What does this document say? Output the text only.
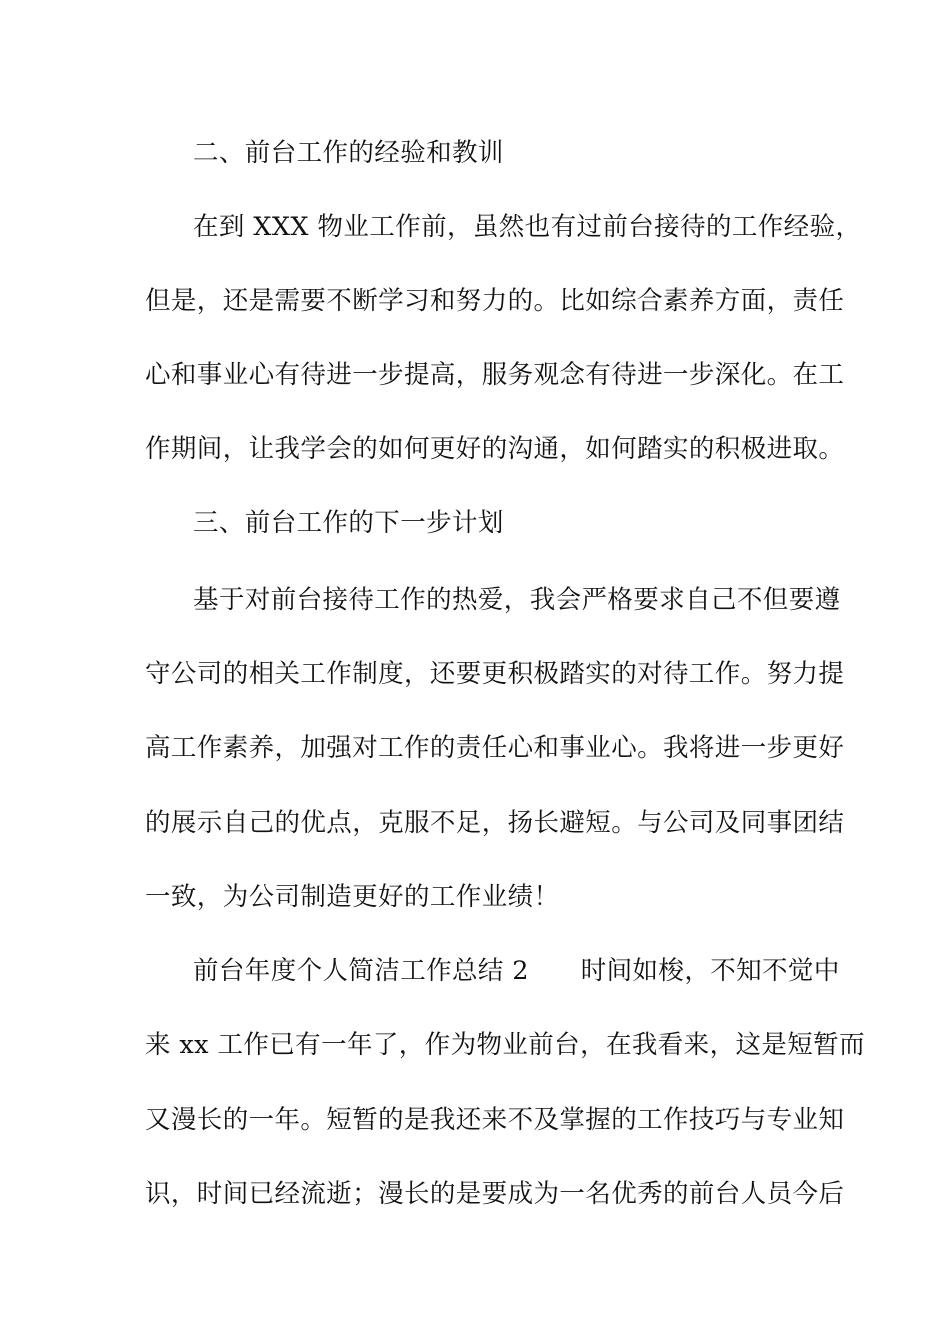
二、前台工作的经验和教训
在到 XXX 物业工作前，虽然也有过前台接待的工作经验，
但是，还是需要不断学习和努力的。比如综合素养方面，责任
心和事业心有待进一步提高，服务观念有待进一步深化。在工
作期间，让我学会的如何更好的沟通，如何踏实的积极进取。
三、前台工作的下一步计划
基于对前台接待工作的热爱，我会严格要求自己不但要遵
守公司的相关工作制度，还要更积极踏实的对待工作。努力提
高工作素养，加强对工作的责任心和事业心。我将进一步更好
的展示自己的优点，克服不足，扬长避短。与公司及同事团结
一致，为公司制造更好的工作业绩！
前台年度个人简洁工作总结 2　　时间如梭，不知不觉中
来 xx 工作已有一年了，作为物业前台，在我看来，这是短暂而
又漫长的一年。短暂的是我还来不及掌握的工作技巧与专业知
识，时间已经流逝；漫长的是要成为一名优秀的前台人员今后
